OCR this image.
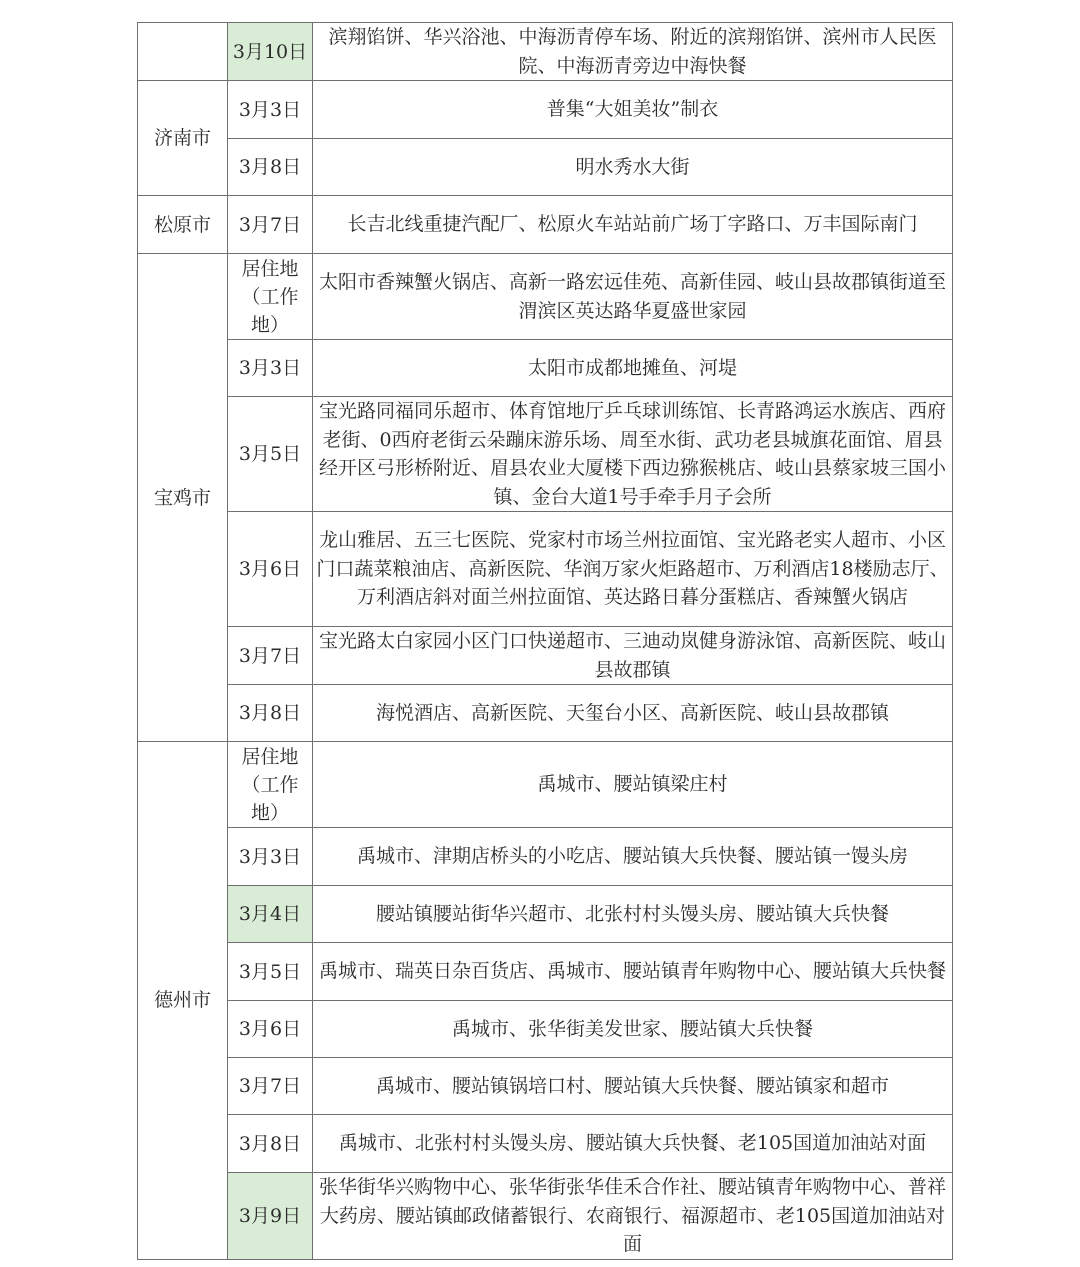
	3月10日	滨翔馅饼、华兴浴池、中海沥青停车场、附近的滨翔馅饼、滨州市人民医院、中海沥青旁边中海快餐
济南市	3月3日	普集“大姐美妆”制衣

	3月8日	明水秀水大街
松原市	3月7日	长吉北线重捷汽配厂、松原火车站站前广场丁字路口、万丰国际南门
宝鸡市	居住地（工作地）	太阳市香辣蟹火锅店、高新一路宏远佳苑、高新佳园、岐山县故郡镇街道至渭滨区英达路华夏盛世家园

	3月3日	太阳市成都地摊鱼、河堤

	3月5日	宝光路同福同乐超市、体育馆地厅乒乓球训练馆、长青路鸿运水族店、西府老街、0西府老街云朵蹦床游乐场、周至水街、武功老县城旗花面馆、眉县经开区弓形桥附近、眉县农业大厦楼下西边猕猴桃店、岐山县蔡家坡三国小镇、金台大道1号手牵手月子会所

	3月6日	龙山雅居、五三七医院、党家村市场兰州拉面馆、宝光路老实人超市、小区门口蔬菜粮油店、高新医院、华润万家火炬路超市、万利酒店18楼励志厅、万利酒店斜对面兰州拉面馆、英达路日暮分蛋糕店、香辣蟹火锅店

	3月7日	宝光路太白家园小区门口快递超市、三迪动岚健身游泳馆、高新医院、岐山县故郡镇

	3月8日	海悦酒店、高新医院、天玺台小区、高新医院、岐山县故郡镇
德州市	居住地（工作地）	禹城市、腰站镇梁庄村

	3月3日	禹城市、津期店桥头的小吃店、腰站镇大兵快餐、腰站镇一馒头房

	3月4日	腰站镇腰站街华兴超市、北张村村头馒头房、腰站镇大兵快餐

	3月5日	禹城市、瑞英日杂百货店、禹城市、腰站镇青年购物中心、腰站镇大兵快餐

	3月6日	禹城市、张华街美发世家、腰站镇大兵快餐

	3月7日	禹城市、腰站镇锅培口村、腰站镇大兵快餐、腰站镇家和超市

	3月8日	禹城市、北张村村头馒头房、腰站镇大兵快餐、老105国道加油站对面

	3月9日	张华街华兴购物中心、张华街张华佳禾合作社、腰站镇青年购物中心、普祥大药房、腰站镇邮政储蓄银行、农商银行、福源超市、老105国道加油站对面
